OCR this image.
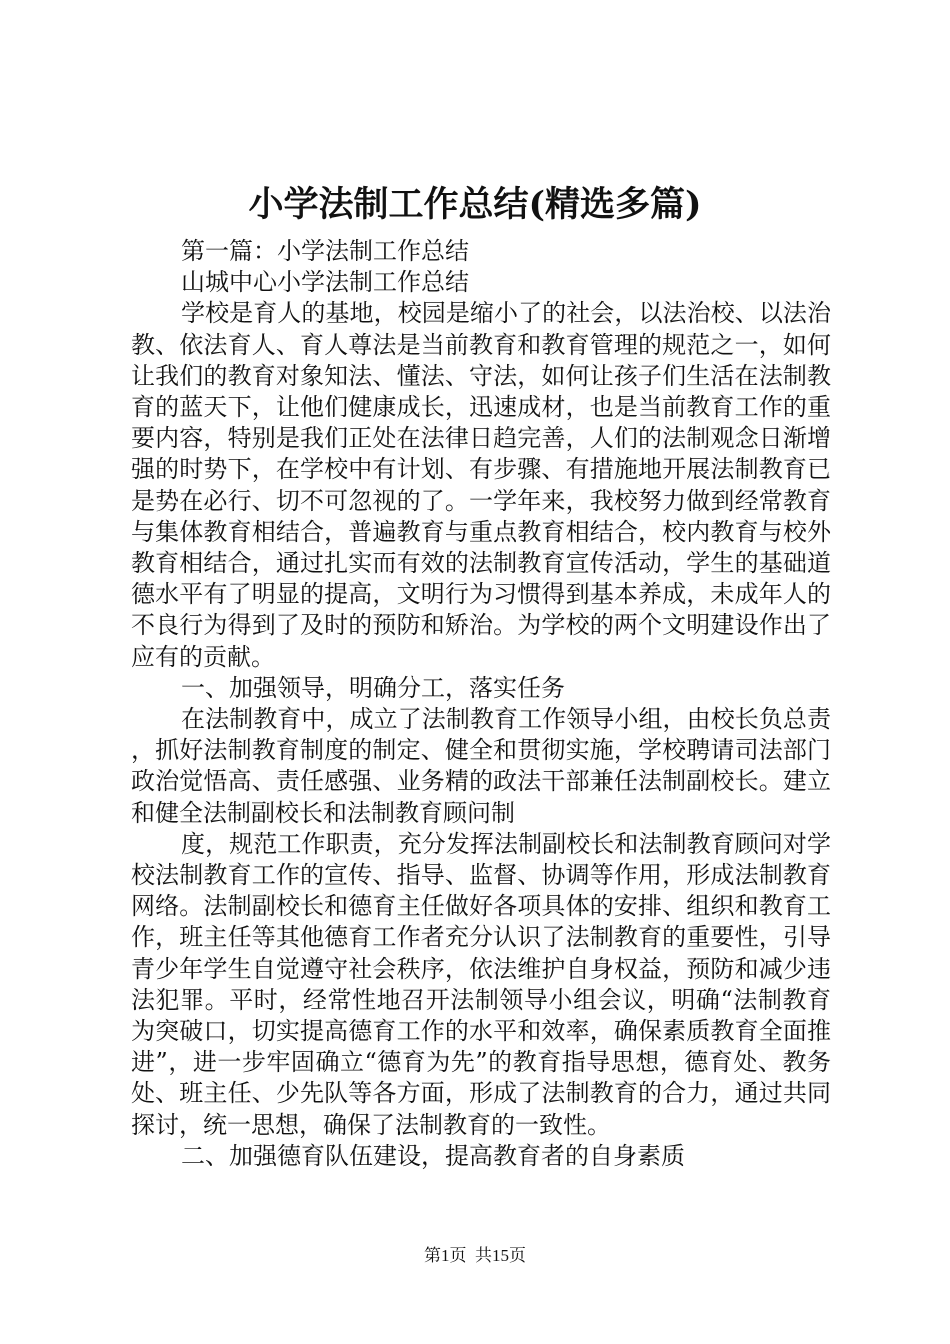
小学法制工作总结(精选多篇)

第一篇：小学法制工作总结

山城中心小学法制工作总结

学校是育人的基地，校园是缩小了的社会，以法治校、以法治教、依法育人、育人尊法是当前教育和教育管理的规范之一，如何让我们的教育对象知法、懂法、守法，如何让孩子们生活在法制教育的蓝天下，让他们健康成长，迅速成材，也是当前教育工作的重要内容，特别是我们正处在法律日趋完善，人们的法制观念日渐增强的时势下，在学校中有计划、有步骤、有措施地开展法制教育已是势在必行、切不可忽视的了。一学年来，我校努力做到经常教育与集体教育相结合，普遍教育与重点教育相结合，校内教育与校外教育相结合，通过扎实而有效的法制教育宣传活动，学生的基础道德水平有了明显的提高，文明行为习惯得到基本养成，未成年人的不良行为得到了及时的预防和矫治。为学校的两个文明建设作出了应有的贡献。

一、加强领导，明确分工，落实任务

在法制教育中，成立了法制教育工作领导小组，由校长负总责，抓好法制教育制度的制定、健全和贯彻实施，学校聘请司法部门政治觉悟高、责任感强、业务精的政法干部兼任法制副校长。建立和健全法制副校长和法制教育顾问制

度，规范工作职责，充分发挥法制副校长和法制教育顾问对学校法制教育工作的宣传、指导、监督、协调等作用，形成法制教育网络。法制副校长和德育主任做好各项具体的安排、组织和教育工作，班主任等其他德育工作者充分认识了法制教育的重要性，引导青少年学生自觉遵守社会秩序，依法维护自身权益，预防和减少违法犯罪。平时，经常性地召开法制领导小组会议，明确“法制教育为突破口，切实提高德育工作的水平和效率，确保素质教育全面推进”，进一步牢固确立“德育为先”的教育指导思想，德育处、教务处、班主任、少先队等各方面，形成了法制教育的合力，通过共同探讨，统一思想，确保了法制教育的一致性。

二、加强德育队伍建设，提高教育者的自身素质

第1页 共15页
